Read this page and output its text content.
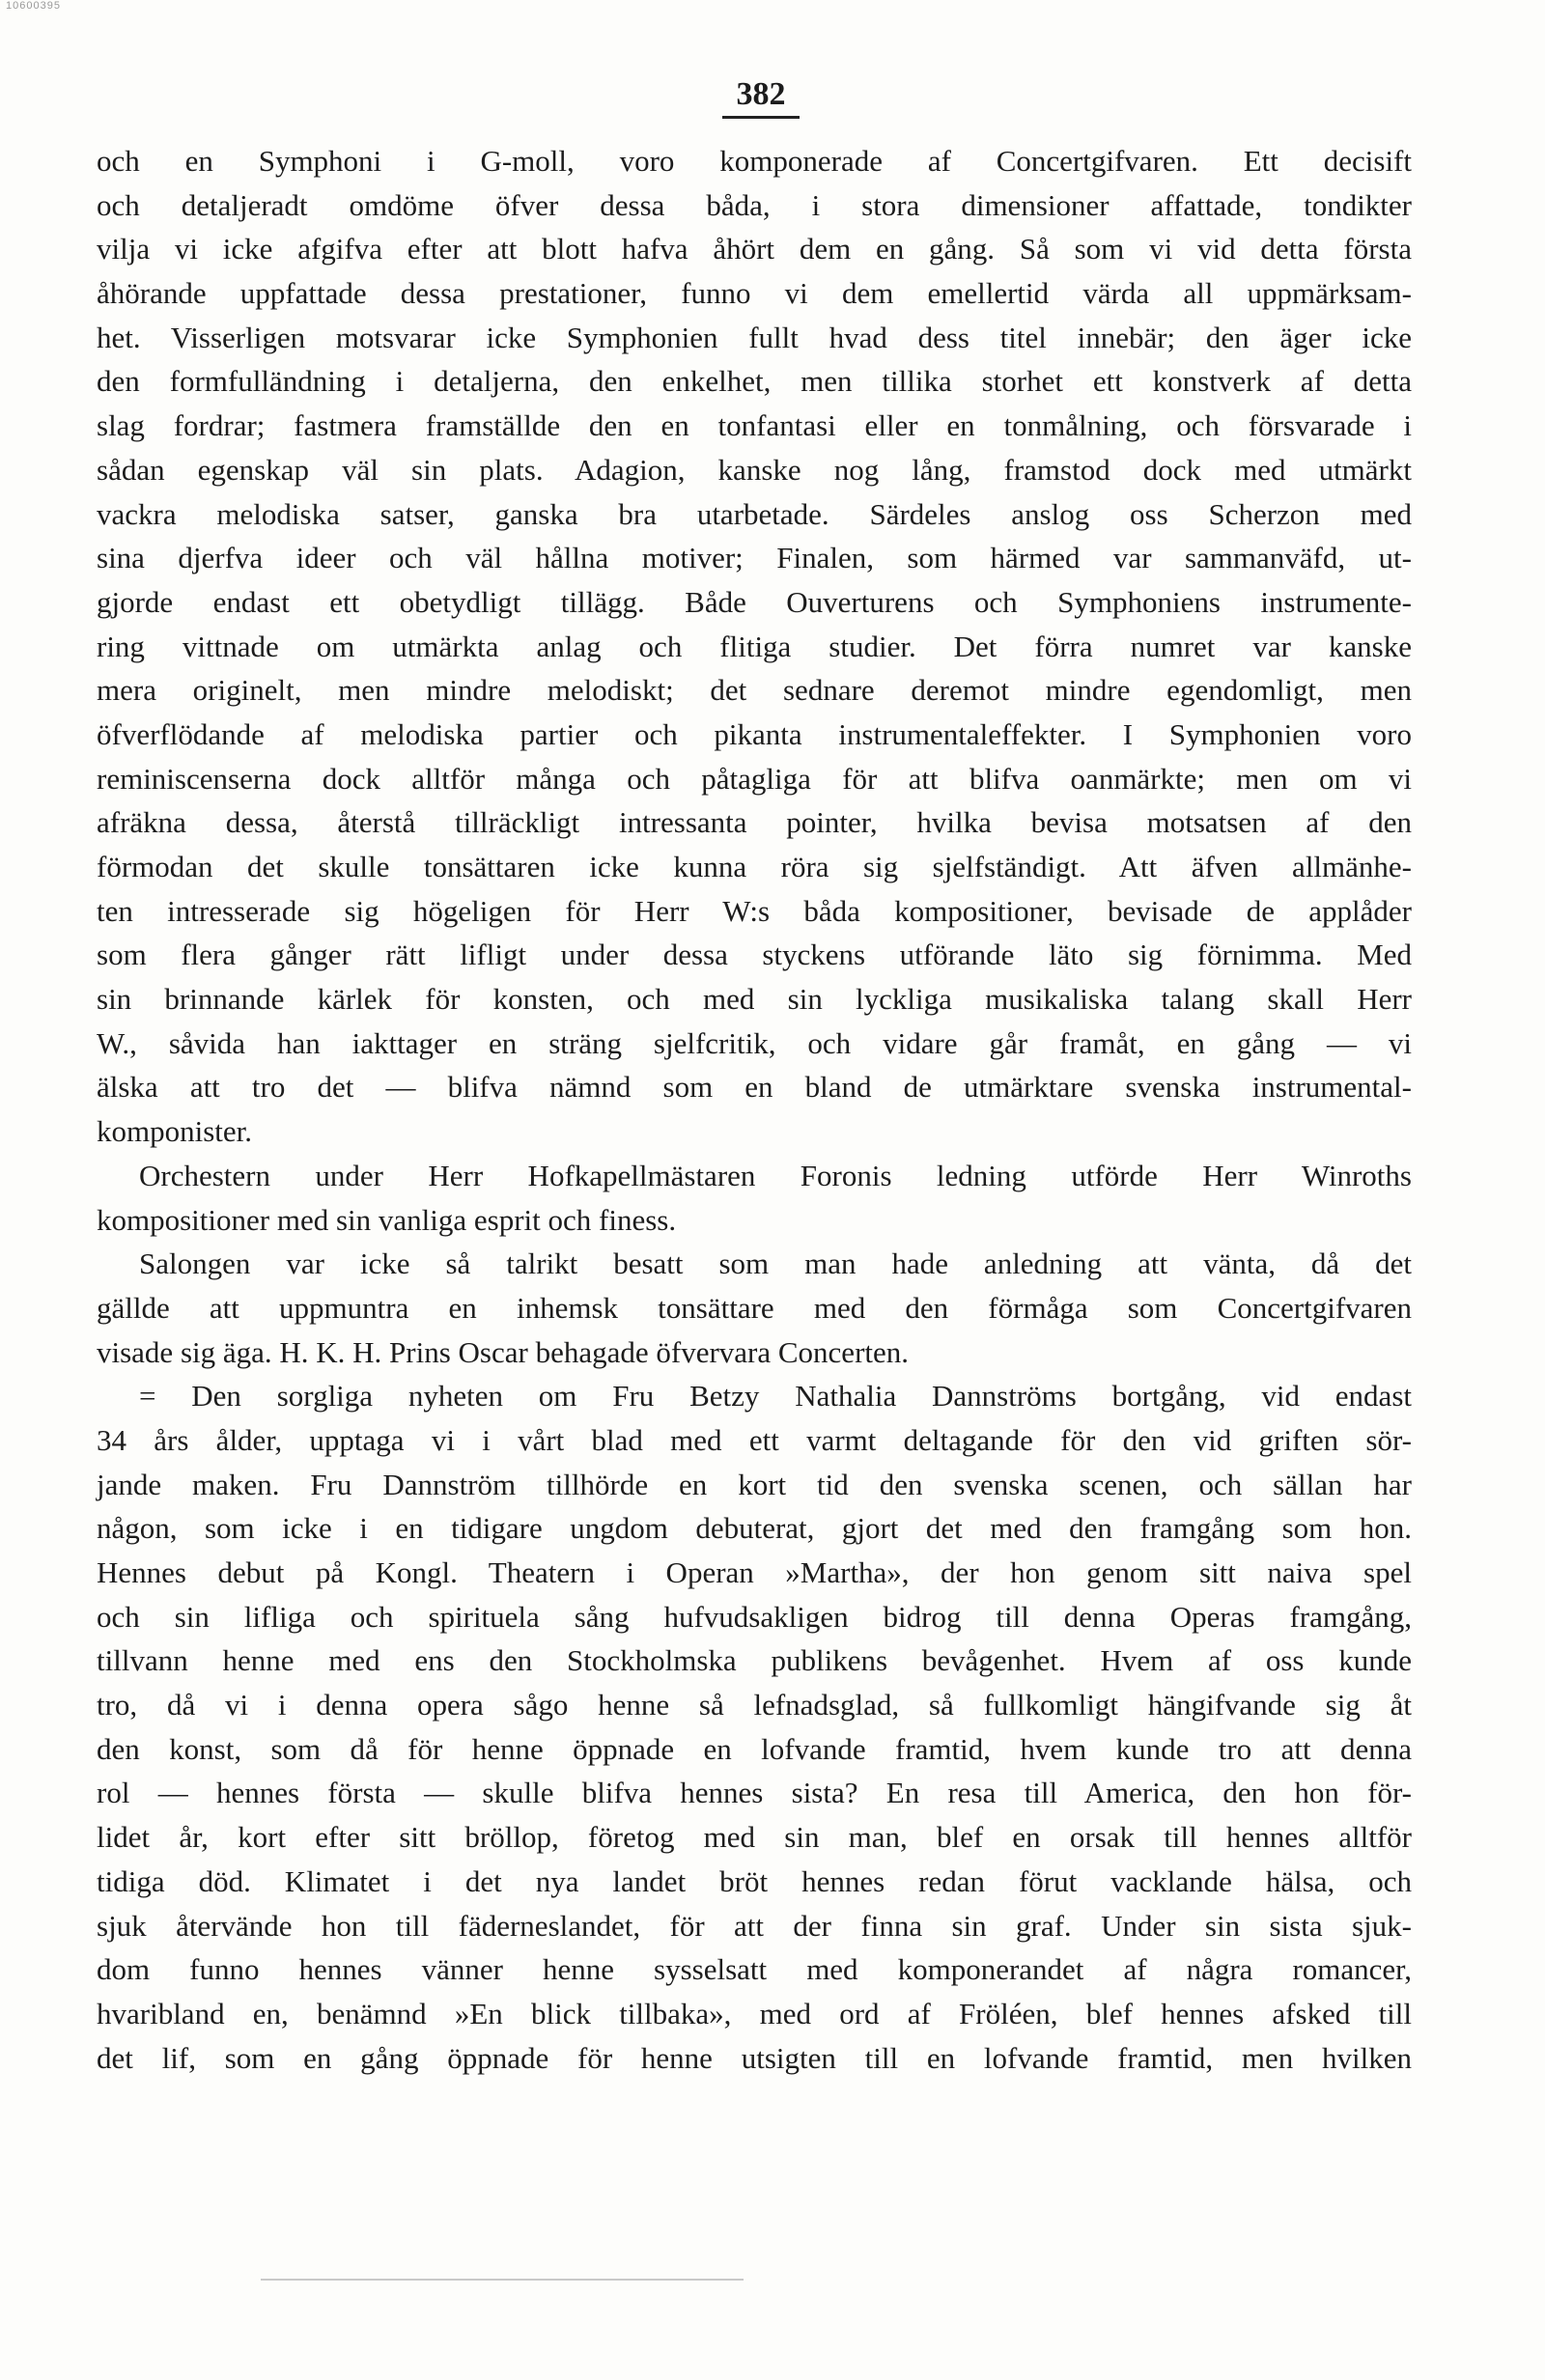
10600395
382
och en Symphoni i G-moll, voro komponerade af Concertgifvaren. Ett decisift
och detaljeradt omdöme öfver dessa båda, i stora dimensioner affattade, tondikter
vilja vi icke afgifva efter att blott hafva åhört dem en gång. Så som vi vid detta första
åhörande uppfattade dessa prestationer, funno vi dem emellertid värda all uppmärksam-
het. Visserligen motsvarar icke Symphonien fullt hvad dess titel innebär; den äger icke
den formfulländning i detaljerna, den enkelhet, men tillika storhet ett konstverk af detta
slag fordrar; fastmera framställde den en tonfantasi eller en tonmålning, och försvarade i
sådan egenskap väl sin plats. Adagion, kanske nog lång, framstod dock med utmärkt
vackra melodiska satser, ganska bra utarbetade. Särdeles anslog oss Scherzon med
sina djerfva ideer och väl hållna motiver; Finalen, som härmed var sammanväfd, ut-
gjorde endast ett obetydligt tillägg. Både Ouverturens och Symphoniens instrumente-
ring vittnade om utmärkta anlag och flitiga studier. Det förra numret var kanske
mera originelt, men mindre melodiskt; det sednare deremot mindre egendomligt, men
öfverflödande af melodiska partier och pikanta instrumentaleffekter. I Symphonien voro
reminiscenserna dock alltför många och påtagliga för att blifva oanmärkte; men om vi
afräkna dessa, återstå tillräckligt intressanta pointer, hvilka bevisa motsatsen af den
förmodan det skulle tonsättaren icke kunna röra sig sjelfständigt. Att äfven allmänhe-
ten intresserade sig högeligen för Herr W:s båda kompositioner, bevisade de applåder
som flera gånger rätt lifligt under dessa styckens utförande läto sig förnimma. Med
sin brinnande kärlek för konsten, och med sin lyckliga musikaliska talang skall Herr
W., såvida han iakttager en sträng sjelfcritik, och vidare går framåt, en gång — vi
älska att tro det — blifva nämnd som en bland de utmärktare svenska instrumental-
komponister.
Orchestern under Herr Hofkapellmästaren Foronis ledning utförde Herr Winroths
kompositioner med sin vanliga esprit och finess.
Salongen var icke så talrikt besatt som man hade anledning att vänta, då det
gällde att uppmuntra en inhemsk tonsättare med den förmåga som Concertgifvaren
visade sig äga. H. K. H. Prins Oscar behagade öfvervara Concerten.
= Den sorgliga nyheten om Fru Betzy Nathalia Dannströms bortgång, vid endast
34 års ålder, upptaga vi i vårt blad med ett varmt deltagande för den vid griften sör-
jande maken. Fru Dannström tillhörde en kort tid den svenska scenen, och sällan har
någon, som icke i en tidigare ungdom debuterat, gjort det med den framgång som hon.
Hennes debut på Kongl. Theatern i Operan »Martha», der hon genom sitt naiva spel
och sin lifliga och spirituela sång hufvudsakligen bidrog till denna Operas framgång,
tillvann henne med ens den Stockholmska publikens bevågenhet. Hvem af oss kunde
tro, då vi i denna opera sågo henne så lefnadsglad, så fullkomligt hängifvande sig åt
den konst, som då för henne öppnade en lofvande framtid, hvem kunde tro att denna
rol — hennes första — skulle blifva hennes sista? En resa till America, den hon för-
lidet år, kort efter sitt bröllop, företog med sin man, blef en orsak till hennes alltför
tidiga död. Klimatet i det nya landet bröt hennes redan förut vacklande hälsa, och
sjuk återvände hon till fäderneslandet, för att der finna sin graf. Under sin sista sjuk-
dom funno hennes vänner henne sysselsatt med komponerandet af några romancer,
hvaribland en, benämnd »En blick tillbaka», med ord af Fröléen, blef hennes afsked till
det lif, som en gång öppnade för henne utsigten till en lofvande framtid, men hvilken
